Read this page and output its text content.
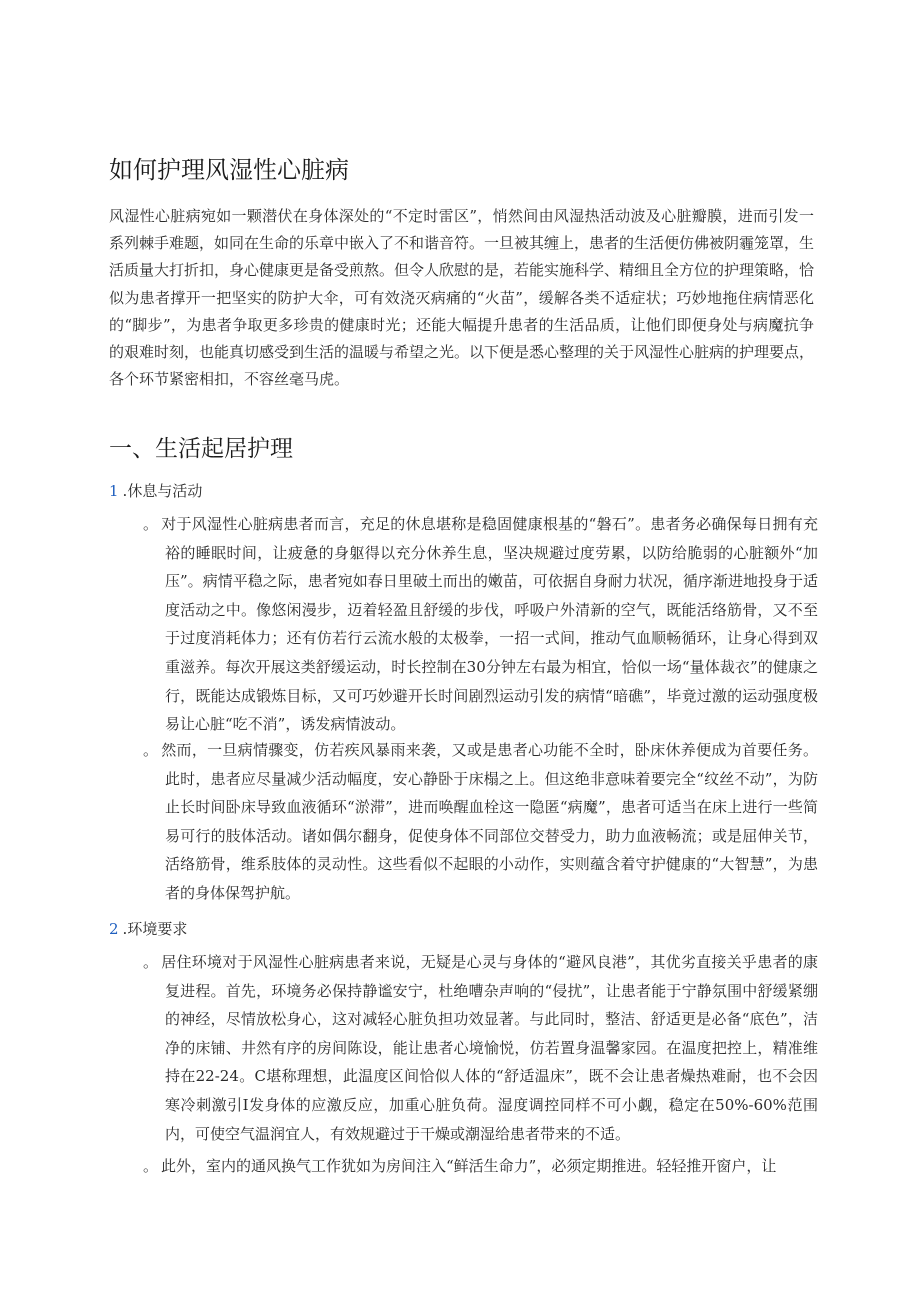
如何护理风湿性心脏病

风湿性心脏病宛如一颗潜伏在身体深处的“不定时雷区”，悄然间由风湿热活动波及心脏瓣膜，进而引发一系列棘手难题，如同在生命的乐章中嵌入了不和谐音符。一旦被其缠上，患者的生活便仿佛被阴霾笼罩，生活质量大打折扣，身心健康更是备受煎熬。但令人欣慰的是，若能实施科学、精细且全方位的护理策略，恰似为患者撑开一把坚实的防护大伞，可有效浇灭病痛的“火苗”，缓解各类不适症状；巧妙地拖住病情恶化的“脚步”，为患者争取更多珍贵的健康时光；还能大幅提升患者的生活品质，让他们即便身处与病魔抗争的艰难时刻，也能真切感受到生活的温暖与希望之光。以下便是悉心整理的关于风湿性心脏病的护理要点，各个环节紧密相扣，不容丝毫马虎。

一、生活起居护理
1 .休息与活动

。 对于风湿性心脏病患者而言，充足的休息堪称是稳固健康根基的“磐石”。患者务必确保每日拥有充裕的睡眠时间，让疲惫的身躯得以充分休养生息，坚决规避过度劳累，以防给脆弱的心脏额外“加压”。病情平稳之际，患者宛如春日里破土而出的嫩苗，可依据自身耐力状况，循序渐进地投身于适度活动之中。像悠闲漫步，迈着轻盈且舒缓的步伐，呼吸户外清新的空气，既能活络筋骨，又不至于过度消耗体力；还有仿若行云流水般的太极拳，一招一式间，推动气血顺畅循环，让身心得到双重滋养。每次开展这类舒缓运动，时长控制在30分钟左右最为相宜，恰似一场“量体裁衣”的健康之行，既能达成锻炼目标，又可巧妙避开长时间剧烈运动引发的病情“暗礁”，毕竟过激的运动强度极易让心脏“吃不消”，诱发病情波动。

。 然而，一旦病情骤变，仿若疾风暴雨来袭，又或是患者心功能不全时，卧床休养便成为首要任务。此时，患者应尽量减少活动幅度，安心静卧于床榻之上。但这绝非意味着要完全“纹丝不动”，为防止长时间卧床导致血液循环“淤滞”，进而唤醒血栓这一隐匿“病魔”，患者可适当在床上进行一些简易可行的肢体活动。诸如偶尔翻身，促使身体不同部位交替受力，助力血液畅流；或是屈伸关节，活络筋骨，维系肢体的灵动性。这些看似不起眼的小动作，实则蕴含着守护健康的“大智慧”，为患者的身体保驾护航。

2 .环境要求

。 居住环境对于风湿性心脏病患者来说，无疑是心灵与身体的“避风良港”，其优劣直接关乎患者的康复进程。首先，环境务必保持静谧安宁，杜绝嘈杂声响的“侵扰”，让患者能于宁静氛围中舒缓紧绷的神经，尽情放松身心，这对减轻心脏负担功效显著。与此同时，整洁、舒适更是必备“底色”，洁净的床铺、井然有序的房间陈设，能让患者心境愉悦，仿若置身温馨家园。在温度把控上，精准维持在22-24。C堪称理想，此温度区间恰似人体的“舒适温床”，既不会让患者燥热难耐，也不会因寒冷刺激引I发身体的应激反应，加重心脏负荷。湿度调控同样不可小觑，稳定在50%-60%范围内，可使空气温润宜人，有效规避过于干燥或潮湿给患者带来的不适。

。 此外，室内的通风换气工作犹如为房间注入“鲜活生命力”，必须定期推进。轻轻推开窗户，让
